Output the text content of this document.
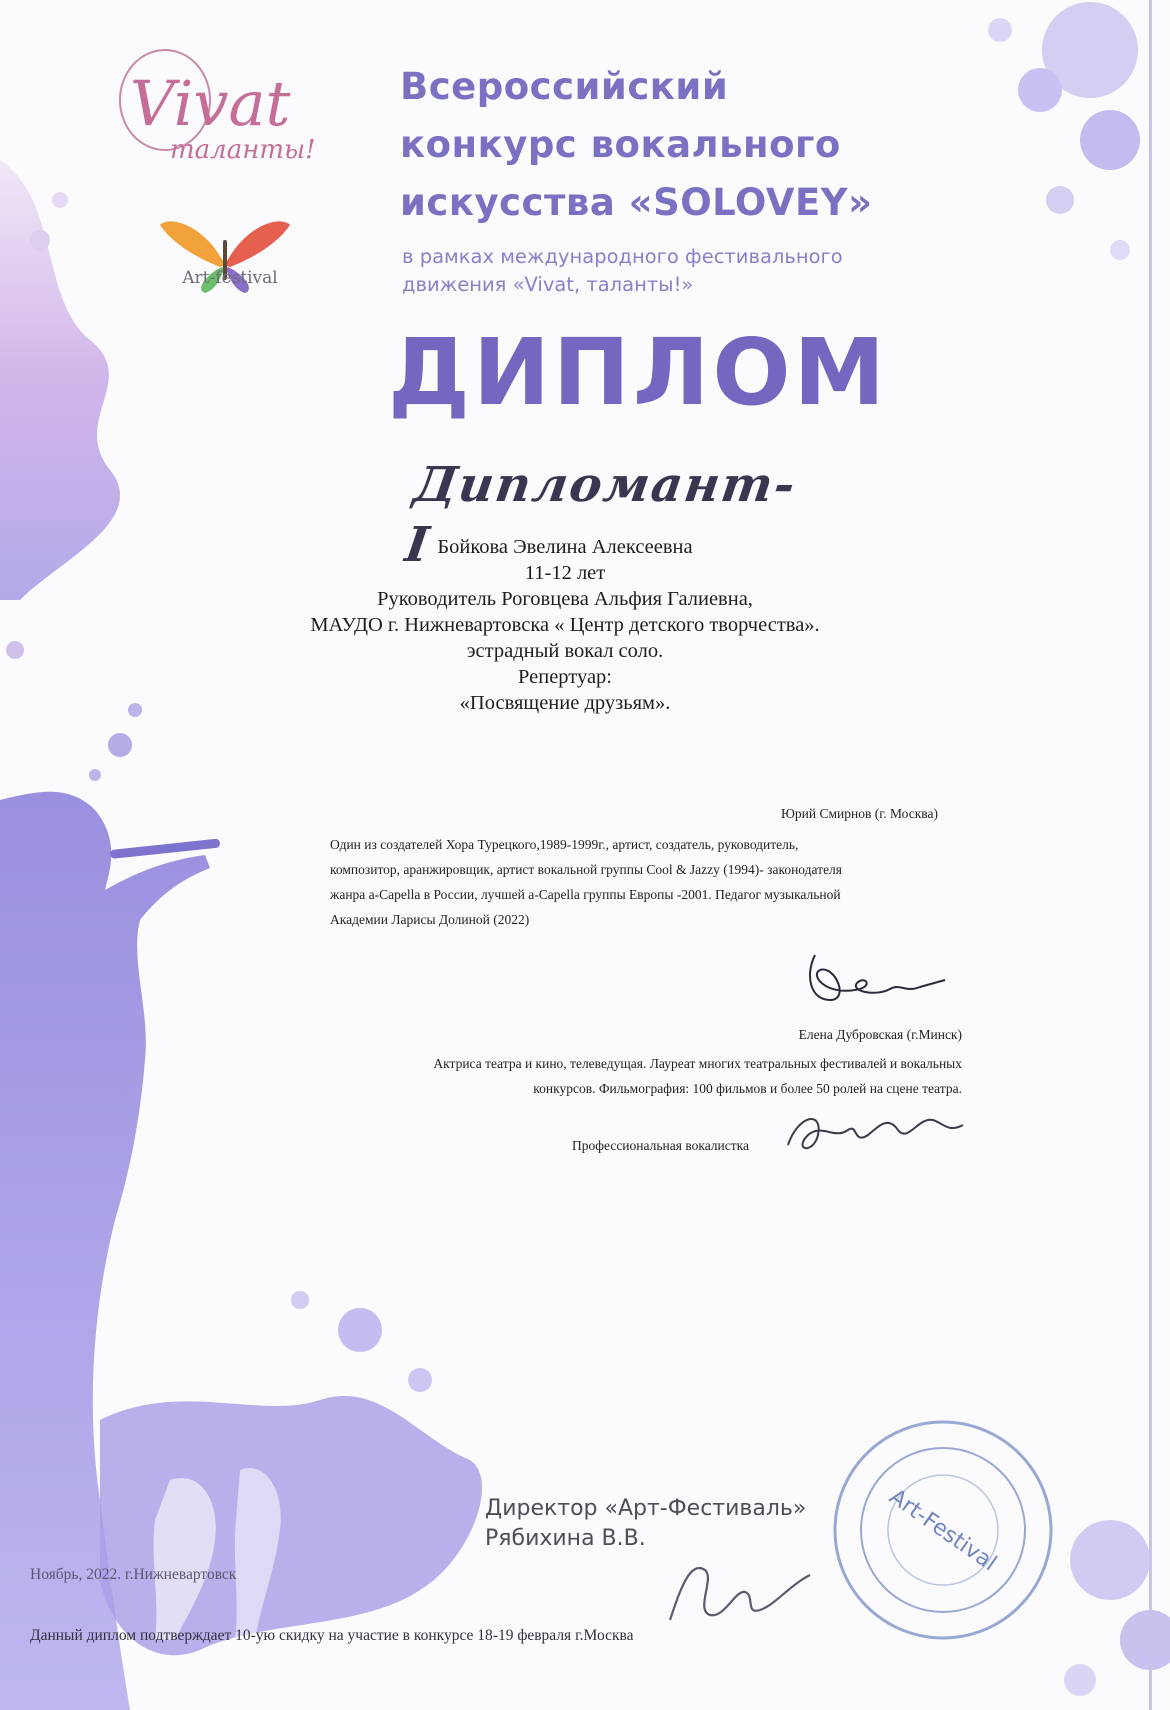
Vivat
таланты!
Art-festival
Всероссийский
конкурс вокального
искусства «SOLOVEY»
в рамках международного фестивального
движения «Vivat, таланты!»
ДИПЛОМ
Дипломант-I Бойкова Эвелина Алексеевна
11-12 лет
Руководитель Роговцева Альфия Галиевна,
МАУДО г. Нижневартовска « Центр детского творчества».
эстрадный вокал соло.
Репертуар:
«Посвящение друзьям».
Юрий Смирнов (г. Москва)
Один из создателей Хора Турецкого,1989-1999г., артист, создатель, руководитель,
композитор, аранжировщик, артист вокальной группы Cool & Jazzy (1994)- законодателя
жанра a-Capella в России, лучшей a-Capella группы Европы -2001. Педагог музыкальной
Академии Ларисы Долиной (2022)
Елена Дубровская (г.Минск)
Актриса театра и кино, телеведущая. Лауреат многих театральных фестивалей и вокальных
конкурсов. Фильмография: 100 фильмов и более 50 ролей на сцене театра.
Профессиональная вокалистка
Директор «Арт-Фестиваль»
Рябихина В.В.	Art-Festival
Ноябрь, 2022. г.Нижневартовск
Данный диплом подтверждает 10-ую скидку на участие в конкурсе 18-19 февраля г.Москва
